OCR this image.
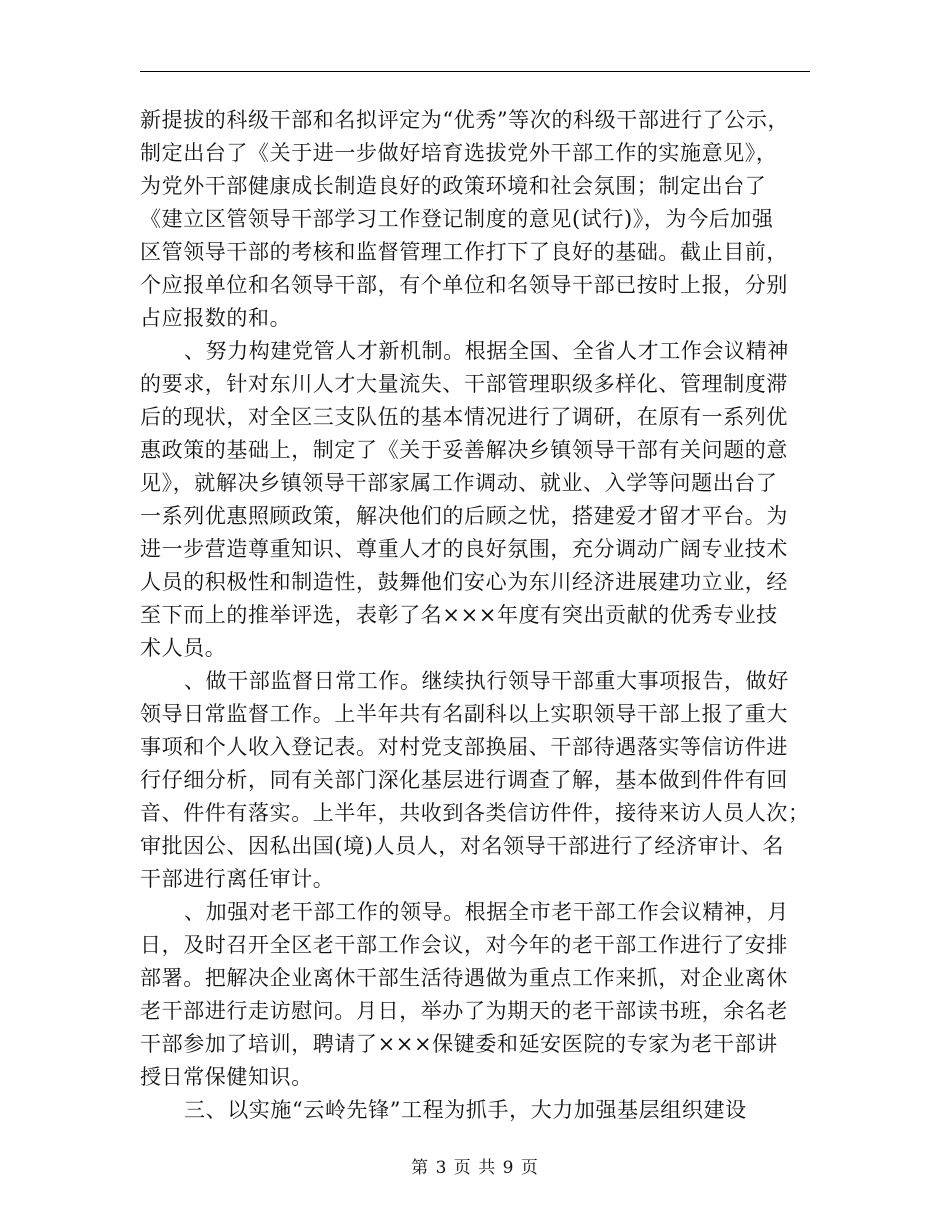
新提拔的科级干部和名拟评定为“优秀”等次的科级干部进行了公示，
制定出台了《关于进一步做好培育选拔党外干部工作的实施意见》，
为党外干部健康成长制造良好的政策环境和社会氛围；制定出台了
《建立区管领导干部学习工作登记制度的意见(试行)》，为今后加强
区管领导干部的考核和监督管理工作打下了良好的基础。截止目前，
个应报单位和名领导干部，有个单位和名领导干部已按时上报，分别
占应报数的和。
、努力构建党管人才新机制。根据全国、全省人才工作会议精神
的要求，针对东川人才大量流失、干部管理职级多样化、管理制度滞
后的现状，对全区三支队伍的基本情况进行了调研，在原有一系列优
惠政策的基础上，制定了《关于妥善解决乡镇领导干部有关问题的意
见》，就解决乡镇领导干部家属工作调动、就业、入学等问题出台了
一系列优惠照顾政策，解决他们的后顾之忧，搭建爱才留才平台。为
进一步营造尊重知识、尊重人才的良好氛围，充分调动广阔专业技术
人员的积极性和制造性，鼓舞他们安心为东川经济进展建功立业，经
至下而上的推举评选，表彰了名×××年度有突出贡献的优秀专业技
术人员。
、做干部监督日常工作。继续执行领导干部重大事项报告，做好
领导日常监督工作。上半年共有名副科以上实职领导干部上报了重大
事项和个人收入登记表。对村党支部换届、干部待遇落实等信访件进
行仔细分析，同有关部门深化基层进行调查了解，基本做到件件有回
音、件件有落实。上半年，共收到各类信访件件，接待来访人员人次；
审批因公、因私出国(境)人员人，对名领导干部进行了经济审计、名
干部进行离任审计。
、加强对老干部工作的领导。根据全市老干部工作会议精神，月
日，及时召开全区老干部工作会议，对今年的老干部工作进行了安排
部署。把解决企业离休干部生活待遇做为重点工作来抓，对企业离休
老干部进行走访慰问。月日，举办了为期天的老干部读书班，余名老
干部参加了培训，聘请了×××保键委和延安医院的专家为老干部讲
授日常保健知识。
三、以实施“云岭先锋”工程为抓手，大力加强基层组织建设
第 3 页 共 9 页
